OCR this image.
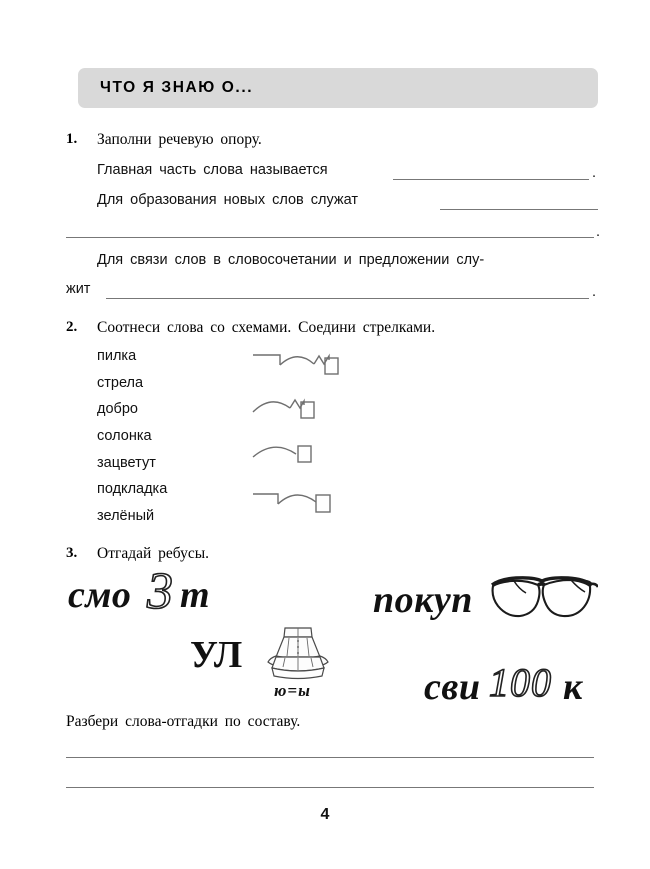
ЧТО Я ЗНАЮ О...
1. Заполни речевую опору.
Главная часть слова называется	.
Для образования новых слов служат
.
Для связи слов в словосочетании и предложении слу-
жит	.
2. Соотнеси слова со схемами. Соедини стрелками.
пилка
стрела
добро
солонка
зацветут
подкладка
зелёный
3. Отгадай ребусы.
смо 3 т	покуп
УЛ
ю=ы	сви 100 к
Разбери слова-отгадки по составу.
4
